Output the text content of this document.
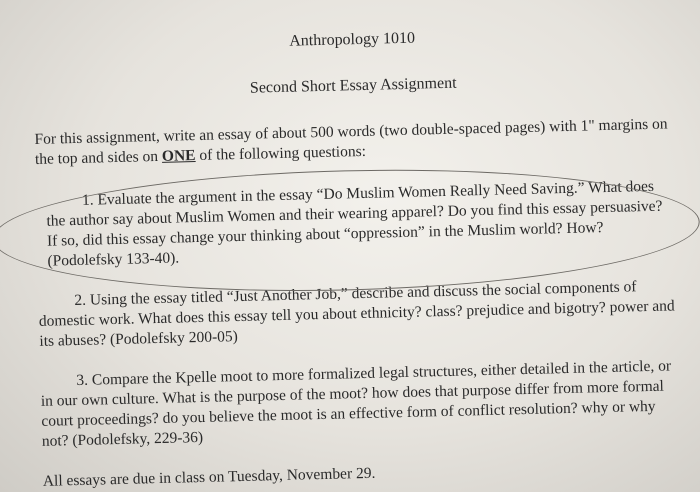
Anthropology 1010
Second Short Essay Assignment
For this assignment, write an essay of about 500 words (two double-spaced pages) with 1" margins on the top and sides on ONE of the following questions:
1. Evaluate the argument in the essay “Do Muslim Women Really Need Saving.” What does the author say about Muslim Women and their wearing apparel? Do you find this essay persuasive? If so, did this essay change your thinking about “oppression” in the Muslim world? How? (Podolefsky 133-40).
2. Using the essay titled “Just Another Job,” describe and discuss the social components of domestic work. What does this essay tell you about ethnicity? class? prejudice and bigotry? power and its abuses? (Podolefsky 200-05)
3. Compare the Kpelle moot to more formalized legal structures, either detailed in the article, or in our own culture. What is the purpose of the moot? how does that purpose differ from more formal court proceedings? do you believe the moot is an effective form of conflict resolution? why or why not? (Podolefsky, 229-36)
All essays are due in class on Tuesday, November 29.
